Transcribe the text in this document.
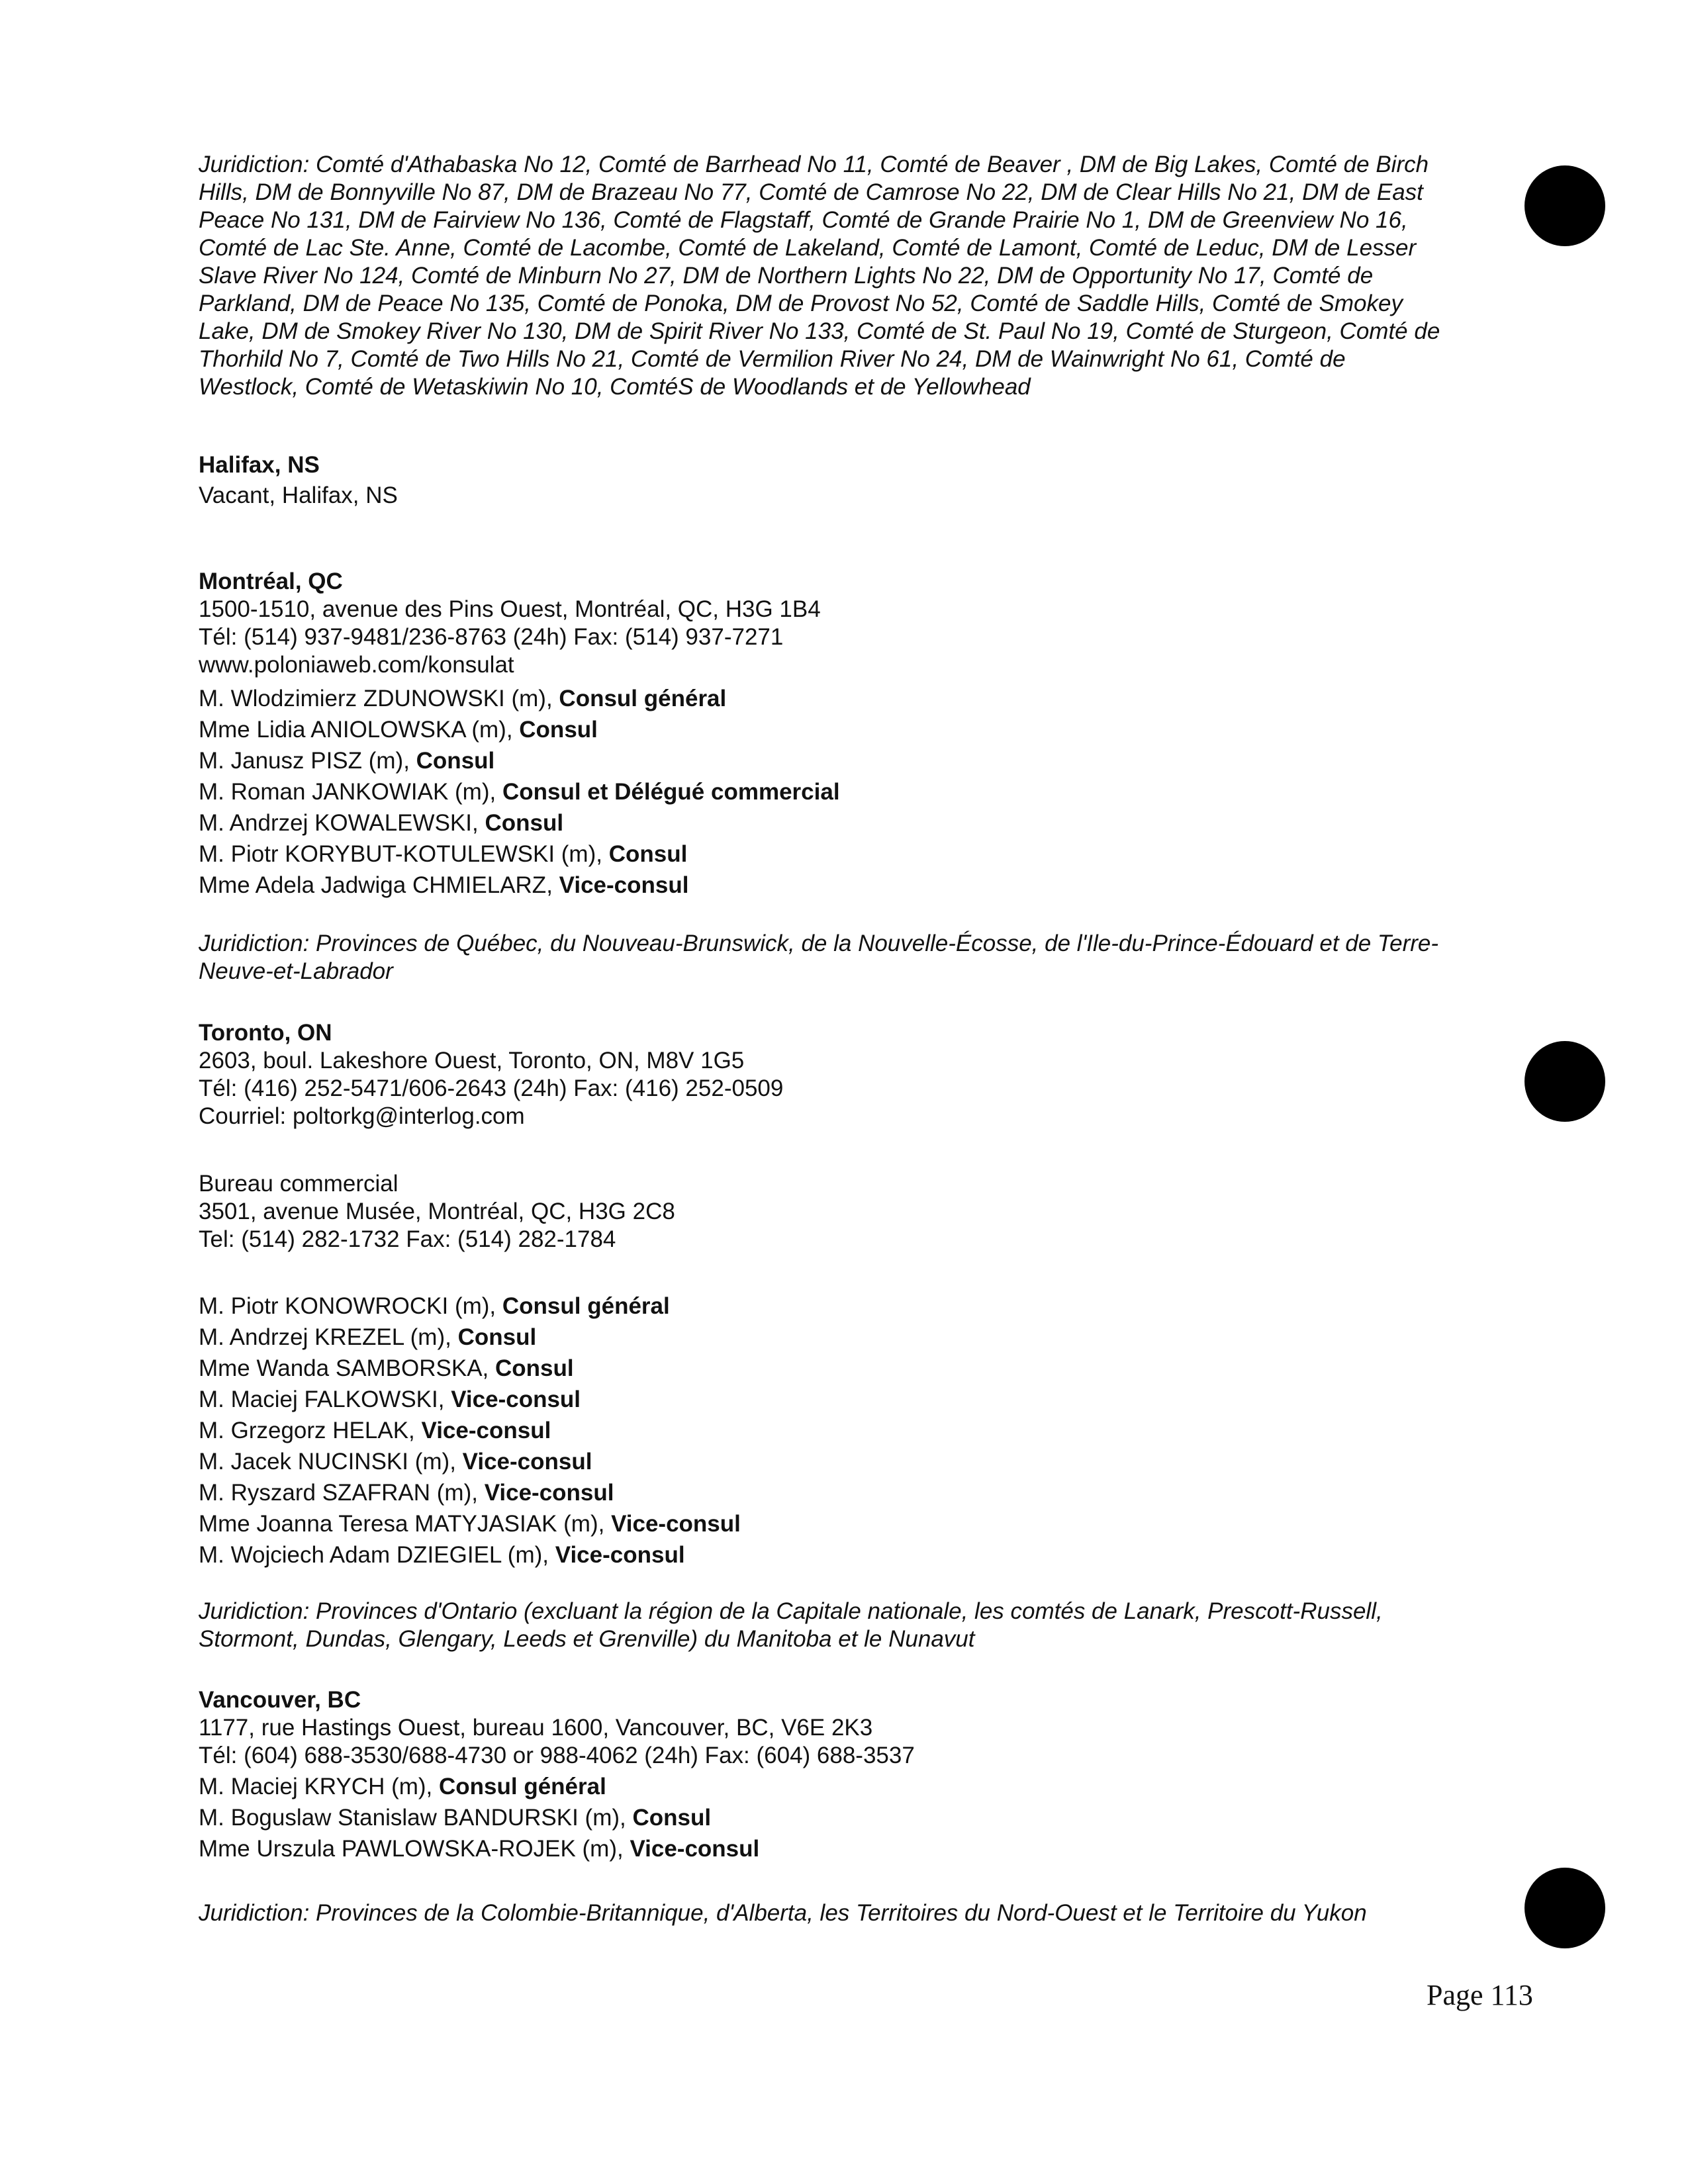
Juridiction: Comté d'Athabaska No 12, Comté de Barrhead No 11, Comté de Beaver , DM de Big Lakes, Comté de Birch

Hills, DM de Bonnyville No 87, DM de Brazeau No 77, Comté de Camrose No 22, DM de Clear Hills No 21, DM de East

Peace No 131, DM de Fairview No 136, Comté de Flagstaff, Comté de Grande Prairie No 1, DM de Greenview No 16,

Comté de Lac Ste. Anne, Comté de Lacombe, Comté de Lakeland, Comté de Lamont, Comté de Leduc, DM de Lesser

Slave River No 124, Comté de Minburn No 27, DM de Northern Lights No 22, DM de Opportunity No 17, Comté de

Parkland, DM de Peace No 135, Comté de Ponoka, DM de Provost No 52, Comté de Saddle Hills, Comté de Smokey

Lake, DM de Smokey River No 130, DM de Spirit River No 133, Comté de St. Paul No 19, Comté de Sturgeon, Comté de

Thorhild No 7, Comté de Two Hills No 21, Comté de Vermilion River No 24, DM de Wainwright No 61, Comté de

Westlock, Comté de Wetaskiwin No 10, ComtéS de Woodlands et de Yellowhead

Halifax, NS

Vacant, Halifax, NS

Montréal, QC

1500-1510, avenue des Pins Ouest, Montréal, QC, H3G 1B4

Tél: (514) 937-9481/236-8763 (24h) Fax: (514) 937-7271

www.poloniaweb.com/konsulat

M. Wlodzimierz ZDUNOWSKI (m), Consul général

Mme Lidia ANIOLOWSKA (m), Consul

M. Janusz PISZ (m), Consul

M. Roman JANKOWIAK (m), Consul et Délégué commercial

M. Andrzej KOWALEWSKI, Consul

M. Piotr KORYBUT-KOTULEWSKI (m), Consul

Mme Adela Jadwiga CHMIELARZ, Vice-consul

Juridiction: Provinces de Québec, du Nouveau-Brunswick, de la Nouvelle-Écosse, de l'Ile-du-Prince-Édouard et de Terre-

Neuve-et-Labrador

Toronto, ON

2603, boul. Lakeshore Ouest, Toronto, ON, M8V 1G5

Tél: (416) 252-5471/606-2643 (24h) Fax: (416) 252-0509

Courriel: poltorkg@interlog.com

Bureau commercial

3501, avenue Musée, Montréal, QC, H3G 2C8

Tel: (514) 282-1732 Fax: (514) 282-1784

M. Piotr KONOWROCKI (m), Consul général

M. Andrzej KREZEL (m), Consul

Mme Wanda SAMBORSKA, Consul

M. Maciej FALKOWSKI, Vice-consul

M. Grzegorz HELAK, Vice-consul

M. Jacek NUCINSKI (m), Vice-consul

M. Ryszard SZAFRAN (m), Vice-consul

Mme Joanna Teresa MATYJASIAK (m), Vice-consul

M. Wojciech Adam DZIEGIEL (m), Vice-consul

Juridiction: Provinces d'Ontario (excluant la région de la Capitale nationale, les comtés de Lanark, Prescott-Russell,

Stormont, Dundas, Glengary, Leeds et Grenville) du Manitoba et le Nunavut

Vancouver, BC

1177, rue Hastings Ouest, bureau 1600, Vancouver, BC, V6E 2K3

Tél: (604) 688-3530/688-4730 or 988-4062 (24h) Fax: (604) 688-3537

M. Maciej KRYCH (m), Consul général

M. Boguslaw Stanislaw BANDURSKI (m), Consul

Mme Urszula PAWLOWSKA-ROJEK (m), Vice-consul

Juridiction: Provinces de la Colombie-Britannique, d'Alberta, les Territoires du Nord-Ouest et le Territoire du Yukon

Page 113
